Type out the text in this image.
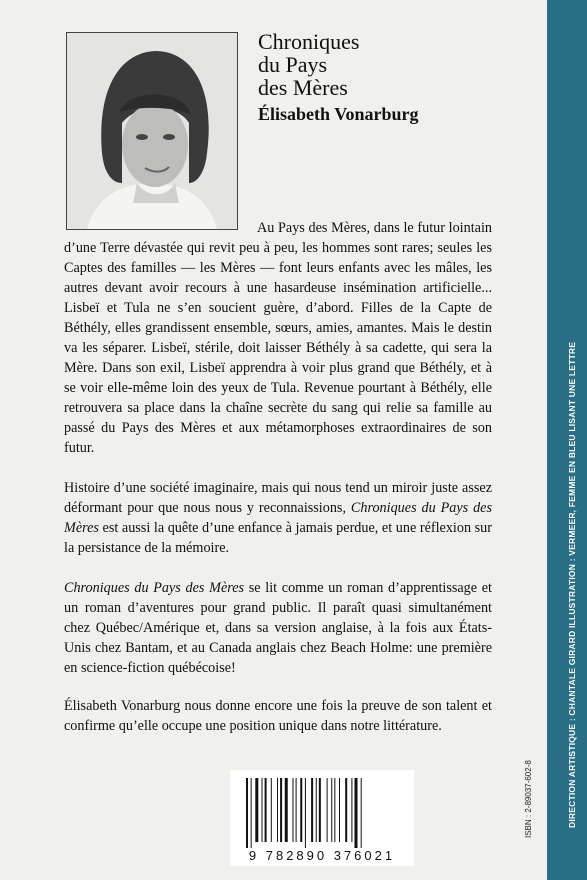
DIRECTION ARTISTIQUE : CHANTALE GIRARD ILLUSTRATION : VERMEER, FEMME EN BLEU LISANT UNE LETTRE
ISBN : 2-89037-602-8
Chroniques
du Pays
des Mères
Élisabeth Vonarburg

Au Pays des Mères, dans le futur lointain d’une Terre dévastée qui revit peu à peu, les hommes sont rares; seules les Captes des familles — les Mères — font leurs enfants avec les mâles, les autres devant avoir recours à une hasardeuse insémination artificielle... Lisbeï et Tula ne s’en soucient guère, d’abord. Filles de la Capte de Béthély, elles grandissent ensemble, sœurs, amies, amantes. Mais le destin va les séparer. Lisbeï, stérile, doit laisser Béthély à sa cadette, qui sera la Mère. Dans son exil, Lisbeï apprendra à voir plus grand que Béthély, et à se voir elle-même loin des yeux de Tula. Revenue pourtant à Béthély, elle retrouvera sa place dans la chaîne secrète du sang qui relie sa famille au passé du Pays des Mères et aux métamorphoses extraordinaires de son futur.

Histoire d’une société imaginaire, mais qui nous tend un miroir juste assez déformant pour que nous nous y reconnaissions, Chroniques du Pays des Mères est aussi la quête d’une enfance à jamais perdue, et une réflexion sur la persistance de la mémoire.

Chroniques du Pays des Mères se lit comme un roman d’apprentissage et un roman d’aventures pour grand public. Il paraît quasi simultanément chez Québec/Amérique et, dans sa version anglaise, à la fois aux États-Unis chez Bantam, et au Canada anglais chez Beach Holme: une première en science-fiction québécoise!

Élisabeth Vonarburg nous donne encore une fois la preuve de son talent et confirme qu’elle occupe une position unique dans notre littérature.

9 782890 376021
